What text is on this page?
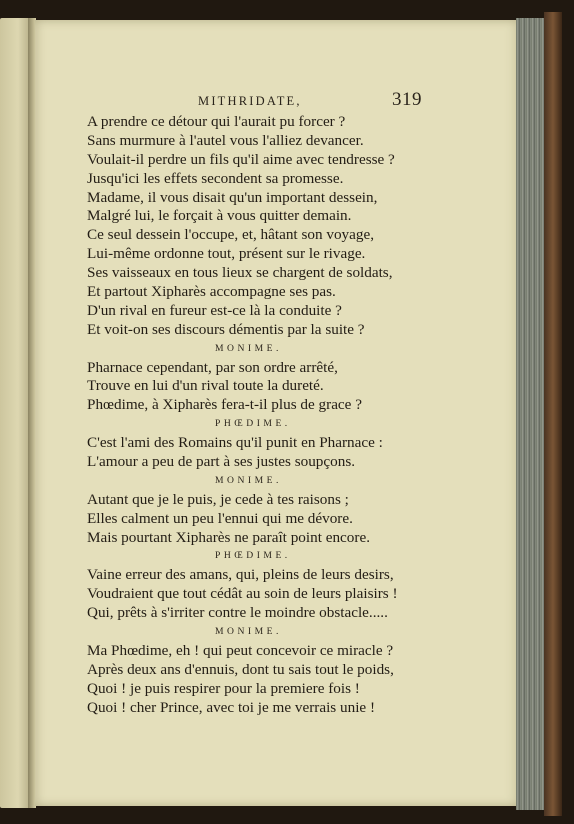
MITHRIDATE,	319
A prendre ce détour qui l'aurait pu forcer ?
Sans murmure à l'autel vous l'alliez devancer.
Voulait-il perdre un fils qu'il aime avec tendresse ?
Jusqu'ici les effets secondent sa promesse.
Madame, il vous disait qu'un important dessein,
Malgré lui, le forçait à vous quitter demain.
Ce seul dessein l'occupe, et, hâtant son voyage,
Lui-même ordonne tout, présent sur le rivage.
Ses vaisseaux en tous lieux se chargent de soldats,
Et partout Xipharès accompagne ses pas.
D'un rival en fureur est-ce là la conduite ?
Et voit-on ses discours démentis par la suite ?
MONIME.
Pharnace cependant, par son ordre arrêté,
Trouve en lui d'un rival toute la dureté.
Phœdime, à Xipharès fera-t-il plus de grace ?
PHŒDIME.
C'est l'ami des Romains qu'il punit en Pharnace :
L'amour a peu de part à ses justes soupçons.
MONIME.
Autant que je le puis, je cede à tes raisons ;
Elles calment un peu l'ennui qui me dévore.
Mais pourtant Xipharès ne paraît point encore.
PHŒDIME.
Vaine erreur des amans, qui, pleins de leurs desirs,
Voudraient que tout cédât au soin de leurs plaisirs !
Qui, prêts à s'irriter contre le moindre obstacle.....
MONIME.
Ma Phœdime, eh ! qui peut concevoir ce miracle ?
Après deux ans d'ennuis, dont tu sais tout le poids,
Quoi ! je puis respirer pour la premiere fois !
Quoi ! cher Prince, avec toi je me verrais unie !
